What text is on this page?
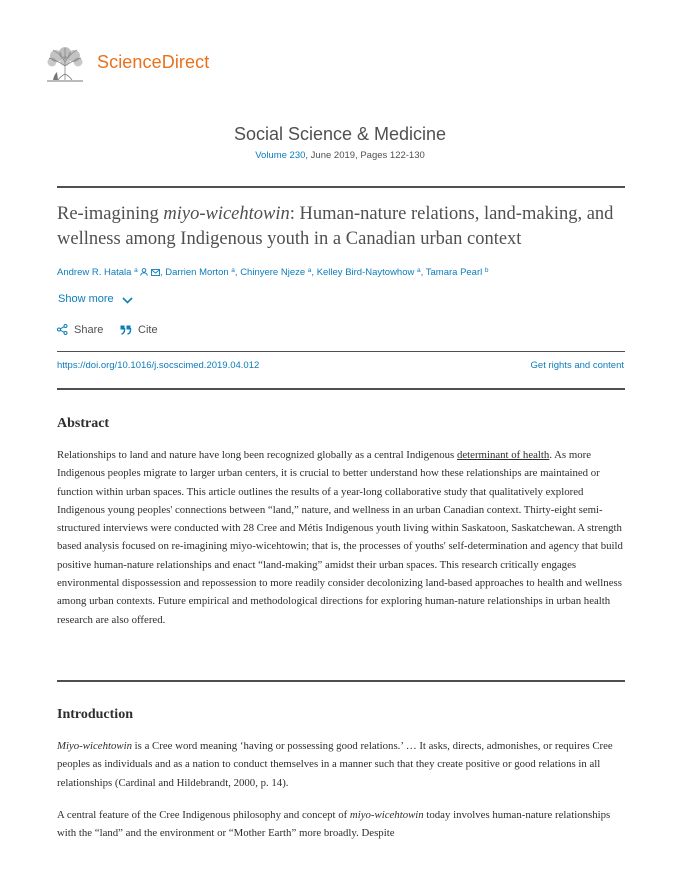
ScienceDirect
Social Science & Medicine
Volume 230, June 2019, Pages 122-130
Re-imagining miyo-wicehtowin: Human-nature relations, land-making, and wellness among Indigenous youth in a Canadian urban context
Andrew R. Hatala $^a$ , Darrien Morton $^a$, Chinyere Njeze $^a$, Kelley Bird-Naytowhow $^a$, Tamara Pearl $^b$
Show more
Share	Cite
https://doi.org/10.1016/j.socscimed.2019.04.012	Get rights and content
Abstract

Relationships to land and nature have long been recognized globally as a central Indigenous determinant of health. As more Indigenous peoples migrate to larger urban centers, it is crucial to better understand how these relationships are maintained or function within urban spaces. This article outlines the results of a year-long collaborative study that qualitatively explored Indigenous young peoples' connections between “land,” nature, and wellness in an urban Canadian context. Thirty-eight semi-structured interviews were conducted with 28 Cree and Métis Indigenous youth living within Saskatoon, Saskatchewan. A strength based analysis focused on re-imagining miyo-wicehtowin; that is, the processes of youths' self-determination and agency that build positive human-nature relationships and enact “land-making” amidst their urban spaces. This research critically engages environmental dispossession and repossession to more readily consider decolonizing land-based approaches to health and wellness among urban contexts. Future empirical and methodological directions for exploring human-nature relationships in urban health research are also offered.

Introduction

Miyo-wicehtowin is a Cree word meaning ‘having or possessing good relations.’ … It asks, directs, admonishes, or requires Cree peoples as individuals and as a nation to conduct themselves in a manner such that they create positive or good relations in all relationships (Cardinal and Hildebrandt, 2000, p. 14).

A central feature of the Cree Indigenous philosophy and concept of miyo-wicehtowin today involves human-nature relationships with the “land” and the environment or “Mother Earth” more broadly. Despite
